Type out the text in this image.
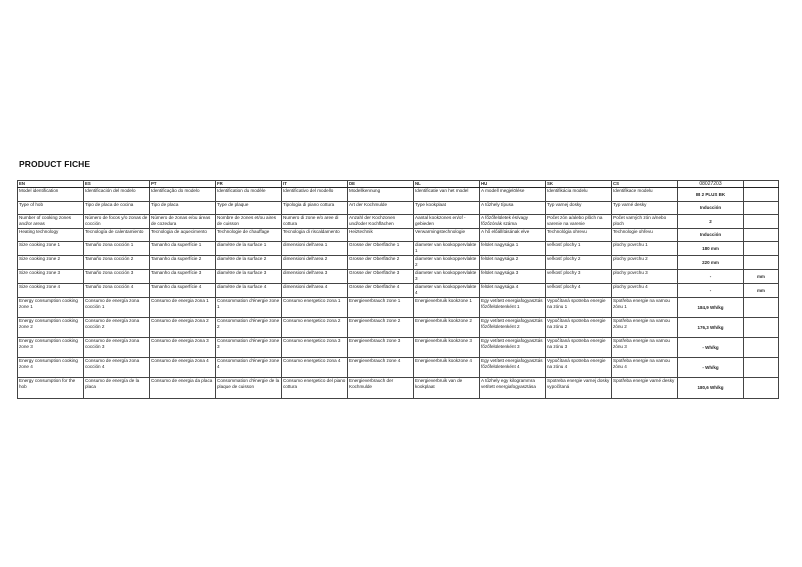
PRODUCT FICHE
EN	ES	PT	FR	IT	DE	NL	HU	SK	CS	08027203	
Model identification	Identificación del modelo	Identificação do modelo	Identification du modèle	Identificativo del modello	Modellkennung	Identificatie van het model	A modell megjelölése	Identifikácia modelu	Identifikace modelu	IB 2 PLUS BK	
Type of hob	Tipo de placa de cocina	Tipo de placa	Type de plaque	Tipologia di piano cottura	Art der Kochmulde	Type kookplaat	A tűzhely típusa	Typ varnej dosky	Typ varné desky	Inducción	
Number of cooking zones and/or areas	Número de focos y/o zonas de cocción	Número de zonas e/ou áreas de cozedura	Nombre de zones et/ou aires de cuisson	Numero di zone e/o aree di cottura	Anzahl der Kochzonen und/oder Kochflächen	Aantal kookzones en/of -gebieden	A főzőfelületek és/vagy főzőzónák száma	Počet zón a/alebo plôch na varenie na varenie	Počet varných zón a/nebo ploch	2	
Heating technology	Tecnología de calentamiento	Tecnologia de aquecimento	Technologie de chauffage	Tecnologia di riscaldamento	Heiztechnik	Verwarmingstechnologie	A hő előállításának elve	Technológia ohrevu	Technologie ohřevu	Inducción	
Size cooking zone 1	Tamaño zona cocción 1	Tamanho da superfície 1	diamètre de la surface 1	dimensioni dell'area 1	Grosse der Oberfläche 1	diameter van kookoppervlakte 1	felület nagysága 1	veľkosť plochy 1	plochy povrchu 1	180 mm	
Size cooking zone 2	Tamaño zona cocción 2	Tamanho da superfície 2	diamètre de la surface 2	dimensioni dell'area 2	Grosse der Oberfläche 2	diameter van kookoppervlakte 2	felület nagysága 2	veľkosť plochy 2	plochy povrchu 2	220 mm	
Size cooking zone 3	Tamaño zona cocción 3	Tamanho da superfície 3	diamètre de la surface 3	dimensioni dell'area 3	Grosse der Oberfläche 3	diameter van kookoppervlakte 3	felület nagysága 3	veľkosť plochy 3	plochy povrchu 3	-	mm
Size cooking zone 4	Tamaño zona cocción 4	Tamanho da superfície 4	diamètre de la surface 4	dimensioni dell'area 4	Grosse der Oberfläche 4	diameter van kookoppervlakte 4	felület nagysága 4	veľkosť plochy 4	plochy povrchu 4	-	mm
Energy consumption cooking zone 1	Consumo de energía zona cocción 1	Consumo de energia zona 1	Consommation d'énergie zone 1	Consumo energetico zona 1	Energieverbrauch zone 1	Energieverbruik kookzone 1	Egy vetített energiafogyasztás főzőfelületenként 1	Vypočítaná spotreba energie na zónu 1	Spotřeba energie na varnou zónu 1	184,9 Wh/kg	
Energy consumption cooking zone 2	Consumo de energía zona cocción 2	Consumo de energia zona 2	Consommation d'énergie zone 2	Consumo energetico zona 2	Energieverbrauch zone 2	Energieverbruik kookzone 2	Egy vetített energiafogyasztás főzőfelületenként 2	Vypočítaná spotreba energie na zónu 2	Spotřeba energie na varnou zónu 2	176,3 Wh/kg	
Energy consumption cooking zone 3	Consumo de energía zona cocción 3	Consumo de energia zona 3	Consommation d'énergie zone 3	Consumo energetico zona 3	Energieverbrauch zone 3	Energieverbruik kookzone 3	Egy vetített energiafogyasztás főzőfelületenként 3	Vypočítaná spotreba energie na zónu 3	Spotřeba energie na varnou zónu 3	- Wh/kg	
Energy consumption cooking zone 4	Consumo de energía zona cocción 4	Consumo de energia zona 4	Consommation d'énergie zone 4	Consumo energetico zona 4	Energieverbrauch zone 4	Energieverbruik kookzone 4	Egy vetített energiafogyasztás főzőfelületenként 4	Vypočítaná spotreba energie na zónu 4	Spotřeba energie na varnou zónu 4	- Wh/kg	
Energy consumption for the hob	Consumo de energía de la placa	Consumo de energia da placa	Consommation d'énergie de la plaque de cuisson	Consumo energetico del piano cottura	Energieverbrauch der Kochmulde	Energieverbruik van de kookplaat	A tűzhely egy kilogrammra vetített energiafogyasztása	Spotreba energie varnej dosky vypočítaná	Spotřeba energie varné desky	180,6 Wh/kg	
